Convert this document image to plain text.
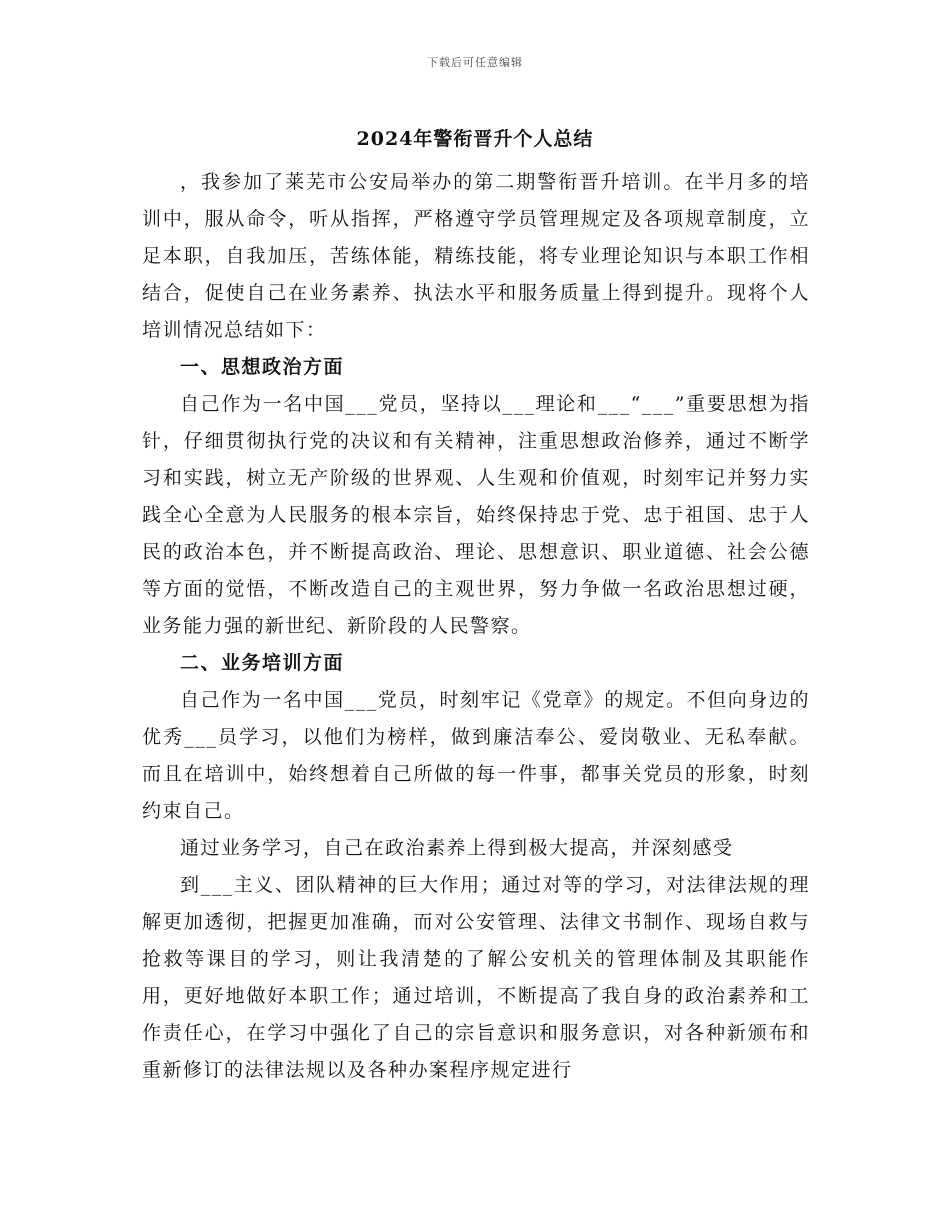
下载后可任意编辑
2024年警衔晋升个人总结

，我参加了莱芜市公安局举办的第二期警衔晋升培训。在半月多的培训中，服从命令，听从指挥，严格遵守学员管理规定及各项规章制度，立足本职，自我加压，苦练体能，精练技能，将专业理论知识与本职工作相结合，促使自己在业务素养、执法水平和服务质量上得到提升。现将个人培训情况总结如下：

一、思想政治方面

自己作为一名中国___党员，坚持以___理论和___“___”重要思想为指针，仔细贯彻执行党的决议和有关精神，注重思想政治修养，通过不断学习和实践，树立无产阶级的世界观、人生观和价值观，时刻牢记并努力实践全心全意为人民服务的根本宗旨，始终保持忠于党、忠于祖国、忠于人民的政治本色，并不断提高政治、理论、思想意识、职业道德、社会公德等方面的觉悟，不断改造自己的主观世界，努力争做一名政治思想过硬，业务能力强的新世纪、新阶段的人民警察。

二、业务培训方面

自己作为一名中国___党员，时刻牢记《党章》的规定。不但向身边的优秀___员学习，以他们为榜样，做到廉洁奉公、爱岗敬业、无私奉献。而且在培训中，始终想着自己所做的每一件事，都事关党员的形象，时刻约束自己。

通过业务学习，自己在政治素养上得到极大提高，并深刻感受

到___主义、团队精神的巨大作用；通过对等的学习，对法律法规的理解更加透彻，把握更加准确，而对公安管理、法律文书制作、现场自救与抢救等课目的学习，则让我清楚的了解公安机关的管理体制及其职能作用，更好地做好本职工作；通过培训，不断提高了我自身的政治素养和工作责任心，在学习中强化了自己的宗旨意识和服务意识，对各种新颁布和重新修订的法律法规以及各种办案程序规定进行
